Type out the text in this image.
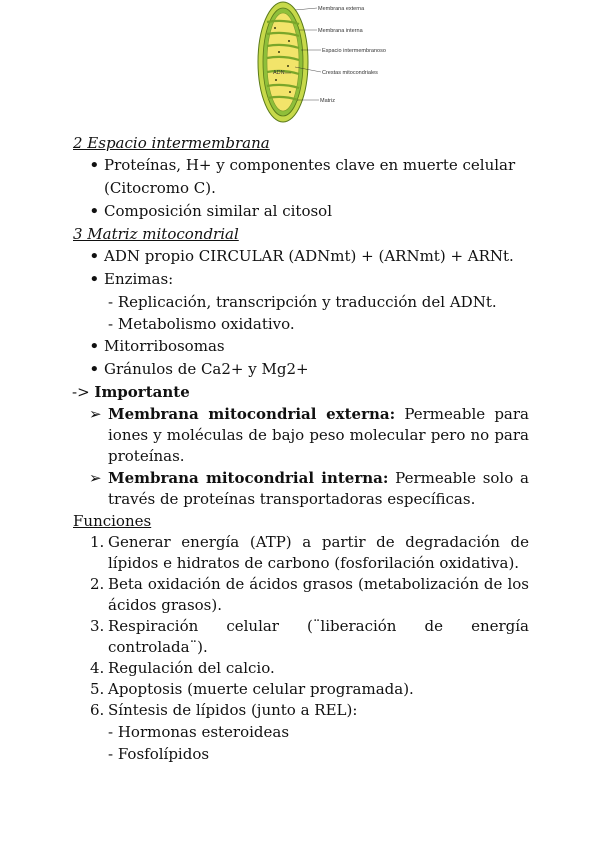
Membrana externa
Membrana interna
Espacio intermembranoso
Crestas mitocondriales
ADN
Matriz
2 Espacio intermembrana
• Proteínas, H+ y componentes clave en muerte celular (Citocromo C).
• Composición similar al citosol
3 Matriz mitocondrial
• ADN propio CIRCULAR (ADNmt) + (ARNmt) + ARNt.
• Enzimas:
- Replicación, transcripción y traducción del ADNt.
- Metabolismo oxidativo.
• Mitorribosomas
• Gránulos de Ca2+ y Mg2+
-> Importante
➢ Membrana mitocondrial externa: Permeable para iones y moléculas de bajo peso molecular pero no para proteínas.
➢ Membrana mitocondrial interna: Permeable solo a través de proteínas transportadoras específicas.
Funciones
1. Generar energía (ATP) a partir de degradación de lípidos e hidratos de carbono (fosforilación oxidativa).
2. Beta oxidación de ácidos grasos (metabolización de los ácidos grasos).
3. Respiración celular (¨liberación de energía controlada¨).
4. Regulación del calcio.
5. Apoptosis (muerte celular programada).
6. Síntesis de lípidos (junto a REL):
- Hormonas esteroideas
- Fosfolípidos
